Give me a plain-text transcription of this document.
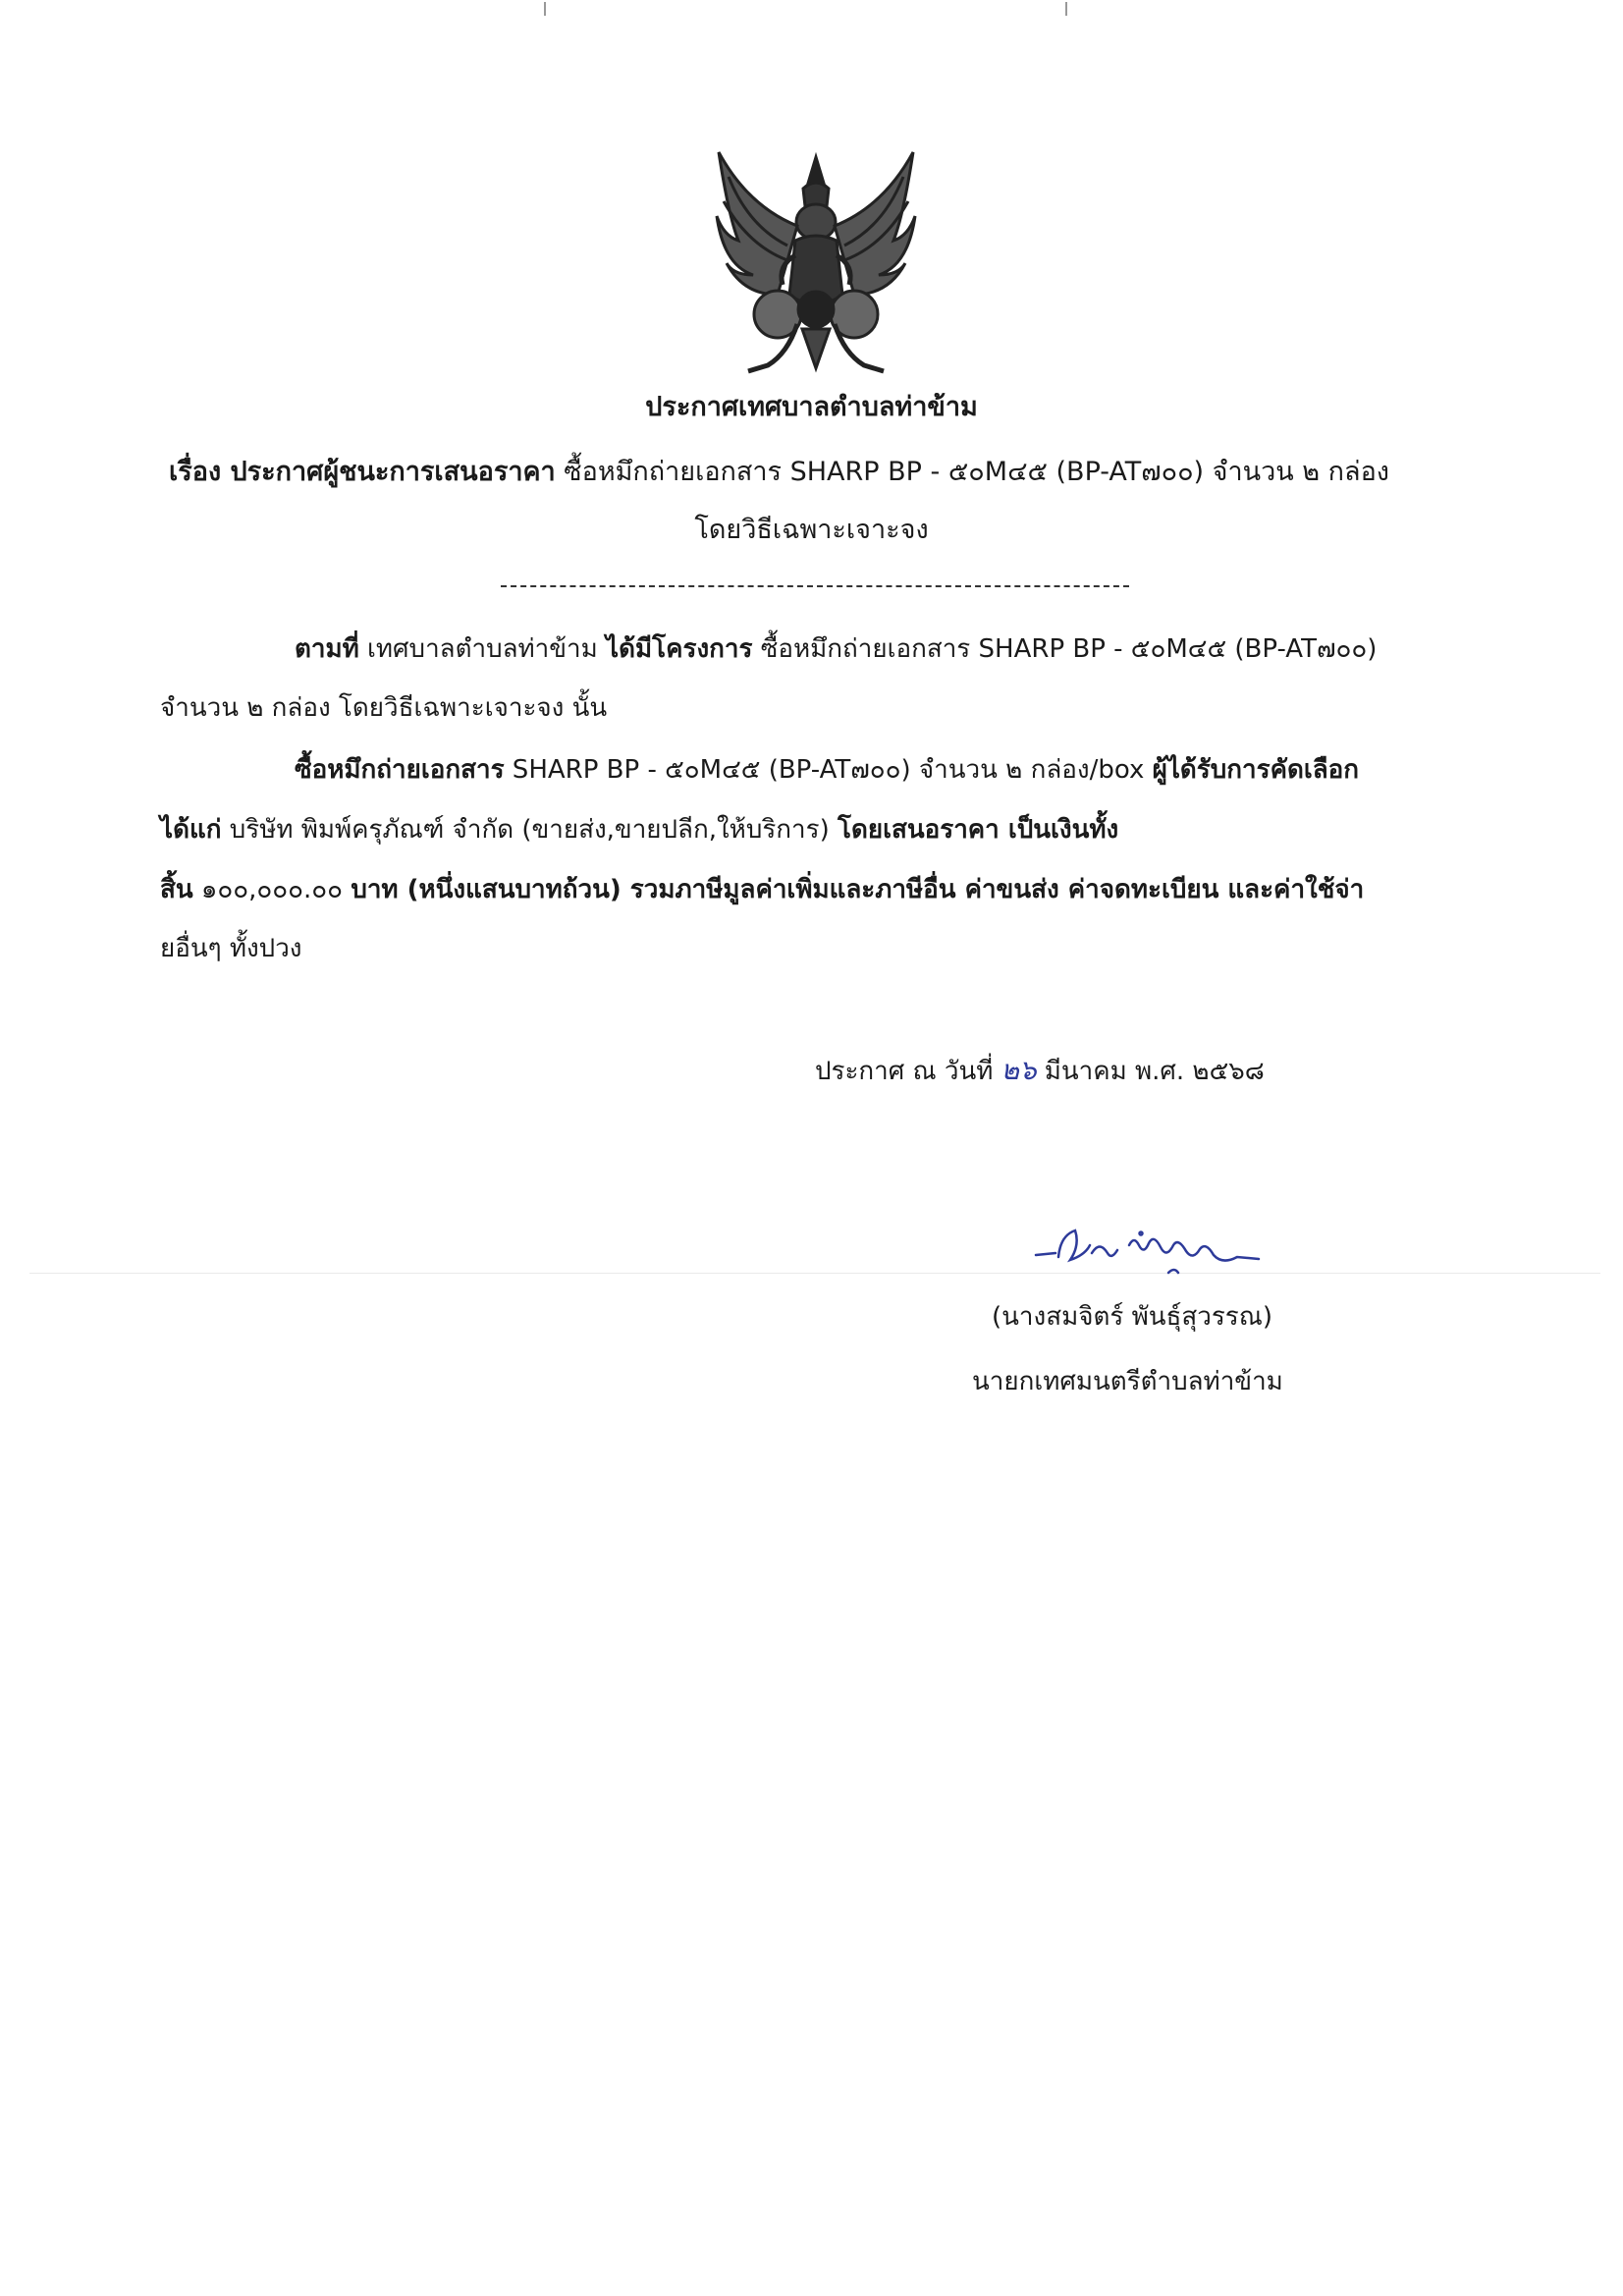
ประกาศเทศบาลตำบลท่าข้าม
เรื่อง ประกาศผู้ชนะการเสนอราคา ซื้อหมึกถ่ายเอกสาร SHARP BP - ๕๐M๔๕ (BP-AT๗๐๐) จำนวน ๒ กล่อง
โดยวิธีเฉพาะเจาะจง
ตามที่ เทศบาลตำบลท่าข้าม ได้มีโครงการ ซื้อหมึกถ่ายเอกสาร SHARP BP - ๕๐M๔๕ (BP-AT๗๐๐)
จำนวน ๒ กล่อง โดยวิธีเฉพาะเจาะจง นั้น
ซื้อหมึกถ่ายเอกสาร SHARP BP - ๕๐M๔๕ (BP-AT๗๐๐) จำนวน ๒ กล่อง/box ผู้ได้รับการคัดเลือก
ได้แก่ บริษัท พิมพ์ครุภัณฑ์ จำกัด (ขายส่ง,ขายปลีก,ให้บริการ) โดยเสนอราคา เป็นเงินทั้ง
สิ้น ๑๐๐,๐๐๐.๐๐ บาท (หนึ่งแสนบาทถ้วน) รวมภาษีมูลค่าเพิ่มและภาษีอื่น ค่าขนส่ง ค่าจดทะเบียน และค่าใช้จ่า
ยอื่นๆ ทั้งปวง
ประกาศ ณ วันที่ ๒๖ มีนาคม พ.ศ. ๒๕๖๘
(นางสมจิตร์ พันธุ์สุวรรณ)
นายกเทศมนตรีตำบลท่าข้าม
